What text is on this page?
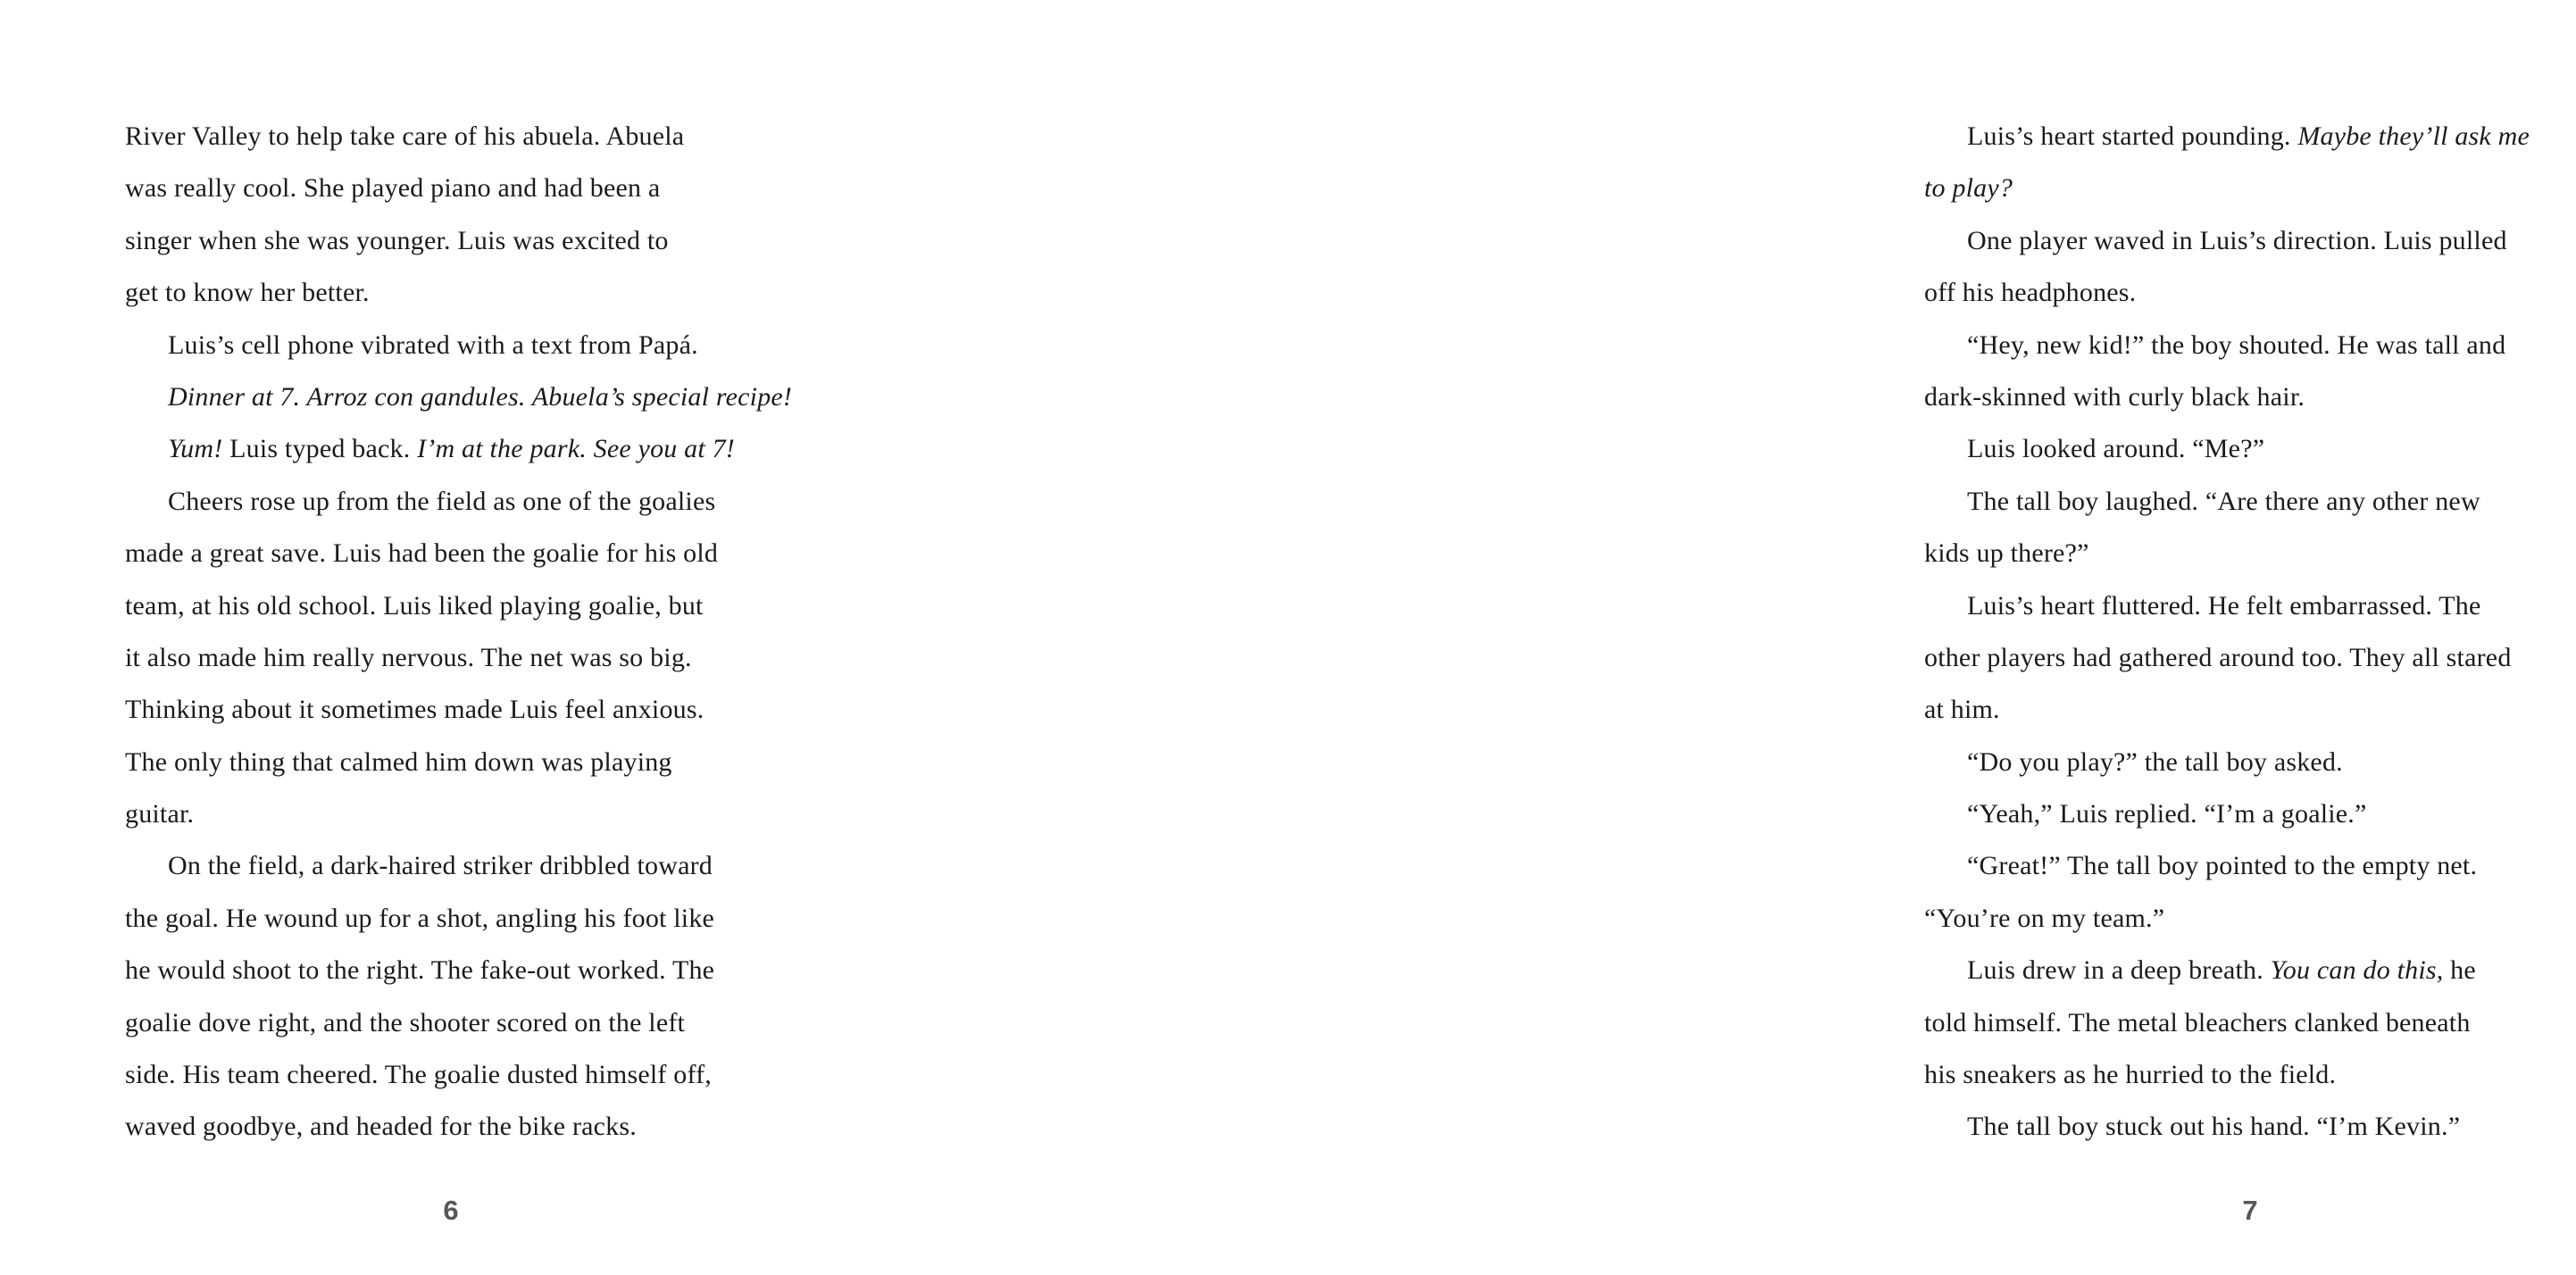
River Valley to help take care of his abuela. Abuela
was really cool. She played piano and had been a
singer when she was younger. Luis was excited to
get to know her better.
Luis’s cell phone vibrated with a text from Papá.
Dinner at 7. Arroz con gandules. Abuela’s special recipe!
Yum! Luis typed back. I’m at the park. See you at 7!
Cheers rose up from the field as one of the goalies
made a great save. Luis had been the goalie for his old
team, at his old school. Luis liked playing goalie, but
it also made him really nervous. The net was so big.
Thinking about it sometimes made Luis feel anxious.
The only thing that calmed him down was playing
guitar.
On the field, a dark-haired striker dribbled toward
the goal. He wound up for a shot, angling his foot like
he would shoot to the right. The fake-out worked. The
goalie dove right, and the shooter scored on the left
side. His team cheered. The goalie dusted himself off,
waved goodbye, and headed for the bike racks.
6
Luis’s heart started pounding. Maybe they’ll ask me
to play?
One player waved in Luis’s direction. Luis pulled
off his headphones.
“Hey, new kid!” the boy shouted. He was tall and
dark-skinned with curly black hair.
Luis looked around. “Me?”
The tall boy laughed. “Are there any other new
kids up there?”
Luis’s heart fluttered. He felt embarrassed. The
other players had gathered around too. They all stared
at him.
“Do you play?” the tall boy asked.
“Yeah,” Luis replied. “I’m a goalie.”
“Great!” The tall boy pointed to the empty net.
“You’re on my team.”
Luis drew in a deep breath. You can do this, he
told himself. The metal bleachers clanked beneath
his sneakers as he hurried to the field.
The tall boy stuck out his hand. “I’m Kevin.”
7
